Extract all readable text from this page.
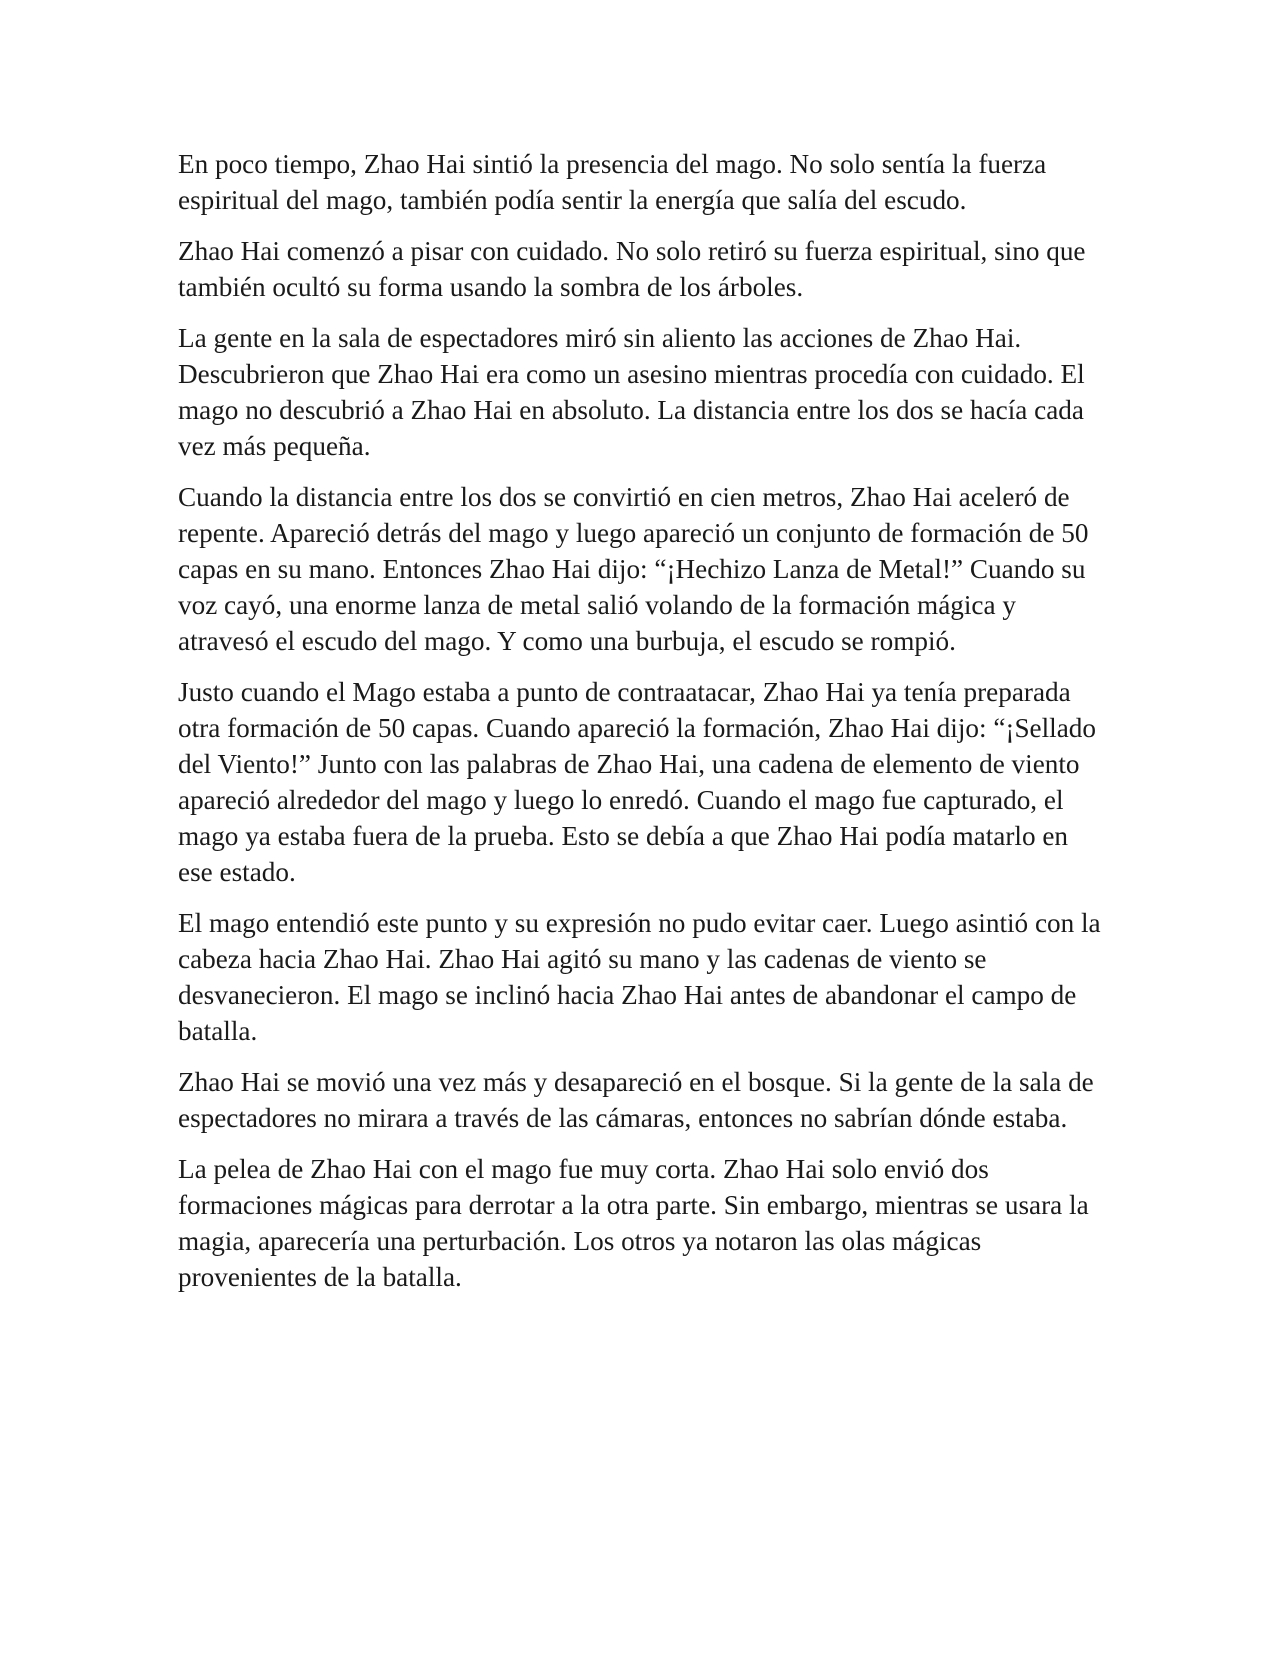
En poco tiempo, Zhao Hai sintió la presencia del mago. No solo sentía la fuerza espiritual del mago, también podía sentir la energía que salía del escudo.

Zhao Hai comenzó a pisar con cuidado. No solo retiró su fuerza espiritual, sino que también ocultó su forma usando la sombra de los árboles.

La gente en la sala de espectadores miró sin aliento las acciones de Zhao Hai. Descubrieron que Zhao Hai era como un asesino mientras procedía con cuidado. El mago no descubrió a Zhao Hai en absoluto. La distancia entre los dos se hacía cada vez más pequeña.

Cuando la distancia entre los dos se convirtió en cien metros, Zhao Hai aceleró de repente. Apareció detrás del mago y luego apareció un conjunto de formación de 50 capas en su mano. Entonces Zhao Hai dijo: “¡Hechizo Lanza de Metal!” Cuando su voz cayó, una enorme lanza de metal salió volando de la formación mágica y atravesó el escudo del mago. Y como una burbuja, el escudo se rompió.

Justo cuando el Mago estaba a punto de contraatacar, Zhao Hai ya tenía preparada otra formación de 50 capas. Cuando apareció la formación, Zhao Hai dijo: “¡Sellado del Viento!” Junto con las palabras de Zhao Hai, una cadena de elemento de viento apareció alrededor del mago y luego lo enredó. Cuando el mago fue capturado, el mago ya estaba fuera de la prueba. Esto se debía a que Zhao Hai podía matarlo en ese estado.

El mago entendió este punto y su expresión no pudo evitar caer. Luego asintió con la cabeza hacia Zhao Hai. Zhao Hai agitó su mano y las cadenas de viento se desvanecieron. El mago se inclinó hacia Zhao Hai antes de abandonar el campo de batalla.

Zhao Hai se movió una vez más y desapareció en el bosque. Si la gente de la sala de espectadores no mirara a través de las cámaras, entonces no sabrían dónde estaba.

La pelea de Zhao Hai con el mago fue muy corta. Zhao Hai solo envió dos formaciones mágicas para derrotar a la otra parte. Sin embargo, mientras se usara la magia, aparecería una perturbación. Los otros ya notaron las olas mágicas provenientes de la batalla.
